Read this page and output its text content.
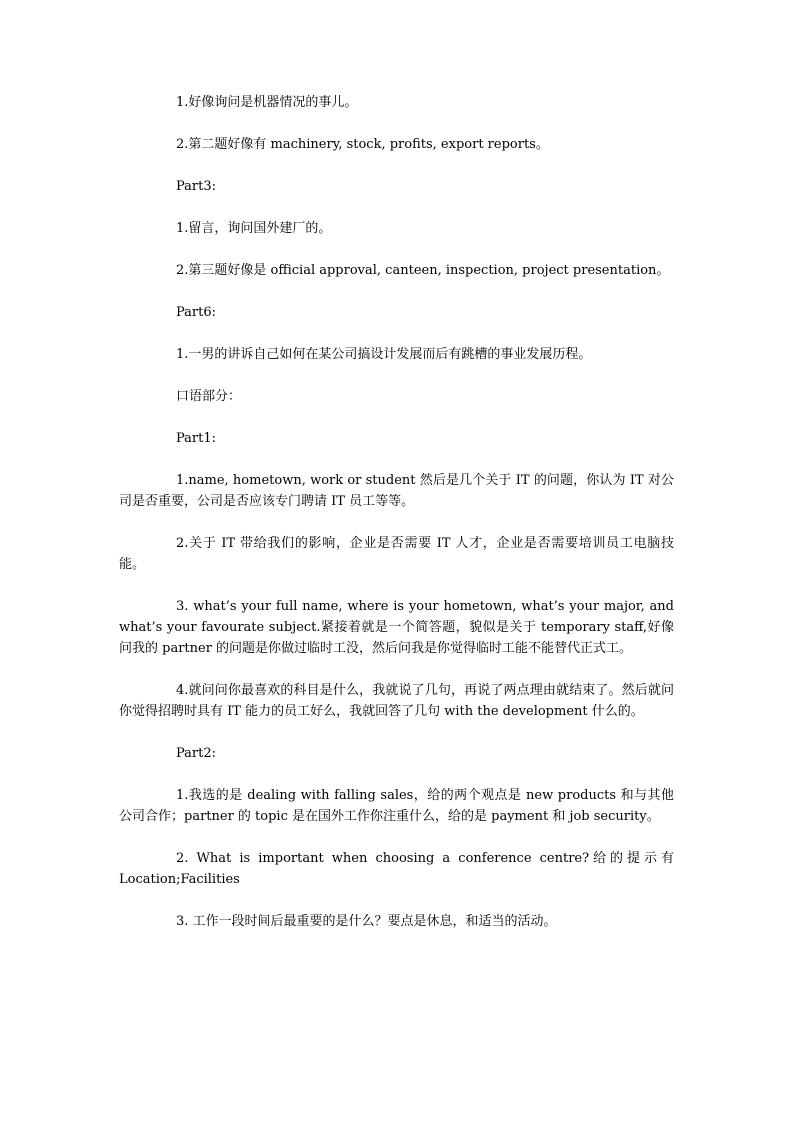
1.好像询问是机器情况的事儿。

2.第二题好像有 machinery, stock, profits, export reports。

Part3:

1.留言，询问国外建厂的。

2.第三题好像是 official approval, canteen, inspection, project presentation。

Part6:

1.一男的讲诉自己如何在某公司搞设计发展而后有跳槽的事业发展历程。

口语部分：

Part1:

1.name, hometown, work or student 然后是几个关于 IT 的问题，你认为 IT 对公司是否重要，公司是否应该专门聘请 IT 员工等等。

2.关于 IT 带给我们的影响，企业是否需要 IT 人才，企业是否需要培训员工电脑技能。

3. what’s your full name, where is your hometown, what’s your major, and what’s your favourate subject.紧接着就是一个简答题，貌似是关于 temporary staff,好像问我的 partner 的问题是你做过临时工没，然后问我是你觉得临时工能不能替代正式工。

4.就问问你最喜欢的科目是什么，我就说了几句，再说了两点理由就结束了。然后就问你觉得招聘时具有 IT 能力的员工好么，我就回答了几句 with the development 什么的。

Part2:

1.我选的是 dealing with falling sales，给的两个观点是 new products 和与其他公司合作；partner 的 topic 是在国外工作你注重什么，给的是 payment 和 job security。

2. What is important when choosing a conference centre?给的提示有 Location;Facilities

3. 工作一段时间后最重要的是什么？要点是休息，和适当的活动。
